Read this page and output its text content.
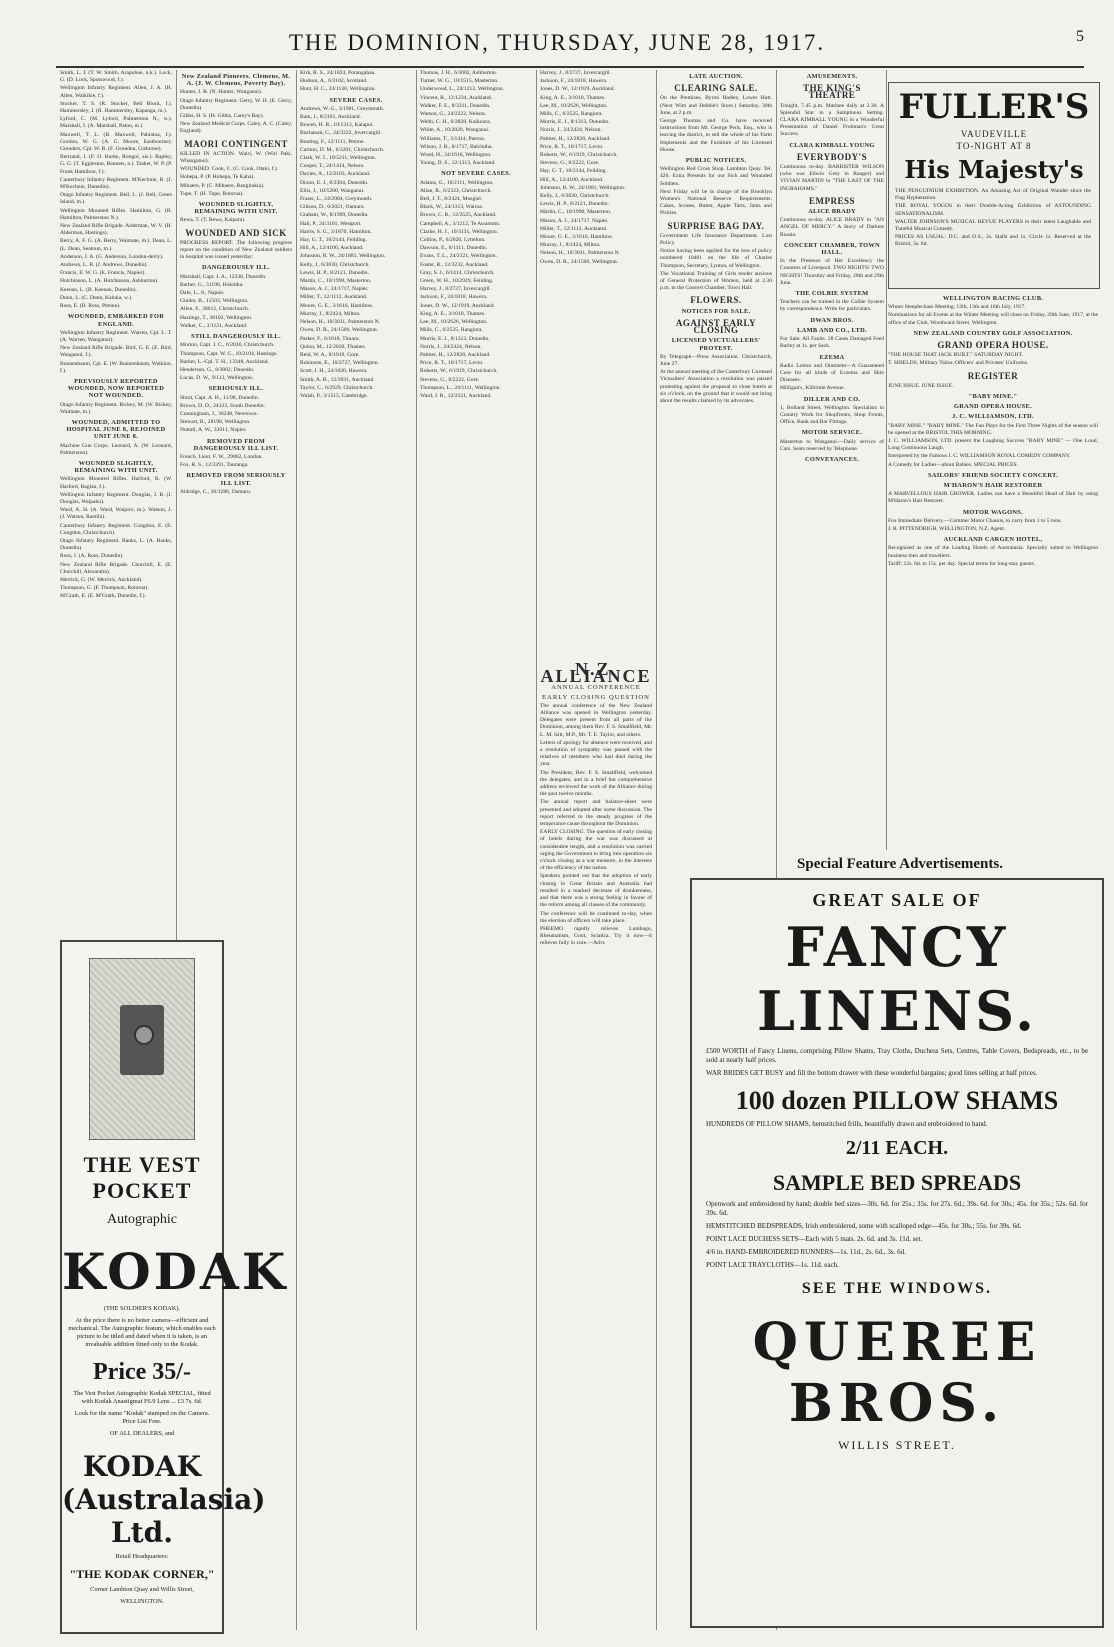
THE DOMINION, THURSDAY, JUNE 28, 1917.	5

Smith, L. J. (T. W. Smith, Arapohue, n.k.). Lock, G. (D. Lock, Spotswood, f.).

Wellington Infantry Regiment. Allen, J. A. (H. Allen, Waikikie, f.).

Stocker, T. S. (R. Stocker, Bell Block, f.). Hammersley, J. (R. Hammersley, Kapanga, m.).

Lyford, C. (M. Lyford, Palmerston N., w.). Marshall, J. (A. Marshall, Paton, m.).

Maxwell, T. L. (B. Maxwell, Pahiatua, f.). Gordon, W. G. (A. G. Moore, Eastbourne). Grenders, Cpl. W. R. (F. Ocenden, Gisborne).

Bertrand, J. (F. O. Burke, Rongoi, sis.). Rapley, G. G. (T. Eggleston, Bennets, n.). Tasker, W. P. (P. Frank Hamilton, f.).

Canterbury Infantry Regiment. M'Kechnie, R. (J. M'Kechnie, Dunedin).

Otago Infantry Regiment. Bell, L. (J. Bell, Green Island, m.).

Wellington Mounted Rifles. Hamilton, G. (R. Hamilton, Palmerston N.).

New Zealand Rifle Brigade. Alderman, W. V. (H. Alderman, Hastings).

Berry, A. F. G. (A. Berry, Waimate, m.). Dean, L. (L. Dean, Seatoun, m.).

Anderson, J. A. (G. Anderson, London-derry).

Andrews, L. B. (J. Andrews, Dunedin).

Francis, E. W. G. (E. Francis, Napier).

Hutchinson, L. (A. Hutchinson, Ashburton).

Keenan, L. (B. Keenan, Dunedin).

Dunn, L. (C. Dunn, Kaitaia, w.).

Ross, E. (R. Ross, Petone).

WOUNDED, EMBARKED FOR ENGLAND.

Wellington Infantry Regiment. Warren, Cpl. L. T. (A. Warren, Wanganui).

New Zealand Rifle Brigade. Bird, G. E. (E. Bird, Wanganui, f.).

Bunnenbaum, Cpl. E. (W. Bunnenbaum, Waikino, f.).

PREVIOUSLY REPORTED WOUNDED, NOW REPORTED NOT WOUNDED.

Otago Infantry Regiment. Rickey, M. (W. Rickey, Waimate, m.).

WOUNDED, ADMITTED TO HOSPITAL JUNE 8, REJOINED UNIT JUNE 8.

Machine Gun Corps. Leonard, A. (W. Leonard, Palmerston).

WOUNDED SLIGHTLY, REMAINING WITH UNIT.

Wellington Mounted Rifles. Harford, R. (W. Harford, Raglan, f.).

Wellington Infantry Regiment. Douglas, J. B. (J. Douglas, Waipahu).

Ward, A. H. (A. Ward, Waipiro, m.). Watson, J. (J. Watson, Raetihi).

Canterbury Infantry Regiment. Congdon, E. (E. Congdon, Christchurch).

Otago Infantry Regiment. Banks, L. (A. Banks, Dunedin).

Ross, J. (A. Ross, Dunedin).

New Zealand Rifle Brigade. Churchill, E. (E. Churchill, Alexandra).

Merrick, G. (W. Merrick, Auckland).

Thompson, G. (F. Thompson, Rotorua).

M'Grath, E. (E. M'Grath, Dunedin, f.).

New Zealand Pioneers. Clemens, M. A. (J. W. Clemens, Poverty Bay).

Hunter, J. R. (N. Hunter, Wanganui).

Otago Infantry Regiment. Gerry, W. H. (E. Gerry, Dunedin).

Gibbs, H. S. (H. Gibbs, Carey's Bay).

New Zealand Medical Corps. Caley, A. C. (Caley, England).

MAORI CONTINGENT

KILLED IN ACTION. Wairi, W. (Wiri Paki, Whanganui).

WOUNDED. Cook, C. (C. Cook, Otaki, f.).

Hohepa, P. (P. Hohepa, Te Kaha).

Mihaere, P. (C. Mihaere, Rangitukia).

Tupe, T. (H. Tupe, Rotorua).

WOUNDED SLIGHTLY, REMAINING WITH UNIT.

Rewa, T. (T. Rewa, Kaipara).

WOUNDED AND SICK

PROGRESS REPORT. The following progress report on the condition of New Zealand soldiers in hospital was issued yesterday:

DANGEROUSLY ILL.

Marshall, Capt. J. A., 12338, Dunedin.

Barber, G., 31198, Hokitika.

Dale, L., 8., Napier.

Ginder, B., 11503, Wellington.

Allen, F., 30612, Christchurch.

Hastings, T., 38102, Wellington.

Walker, C., 3/1121, Auckland.

STILL DANGEROUSLY ILL.

Morton, Capt. J. C., 6/2036, Christchurch.

Thompson, Capt. W. C., 10/2104, Hastings.

Barker, L.-Cpl. T. H., 13348, Auckland.

Henderson, G., 8/3002, Dunedin.

Lucas, D. W., 9/113, Wellington.

SERIOUSLY ILL.

Short, Capt. A. H., 11/98, Dunedin.

Brown, D. D., 24123, South Dunedin.

Cunningham, J., 30248, Newtown.

Stewart, R., 28198, Wellington.

Nuttall, A. W., 32011, Napier.

REMOVED FROM DANGEROUSLY ILL LIST.

French, Lieut. F. W., 29062, London.

Fox, R. S., 12/3391, Tauranga.

REMOVED FROM SERIOUSLY ILL LIST.

Aldridge, C., 30/1286, Oamaru.

Kirk, R. S., 24/1824, Porangahau.

Hudson, A., 6/3102, Scotland.

Hunt, H. C., 24/1130, Wellington.

SEVERE CASES.

Andrews, W. G., 3/1901, Greymouth.

Bain, J., 8/2101, Auckland.

Bowen, H. R., 10/1312, Kaiapoi.

Buchanan, C., 24/2222, Invercargill.

Bunting, F., 12/1111, Petone.

Carlton, D. M., 6/3201, Christchurch.

Clark, W. J., 10/5211, Wellington.

Cooper, T., 24/1414, Nelson.

Davies, A., 12/2103, Auckland.

Dixon, E. J., 8/2304, Dunedin.

Ellis, J., 10/5200, Wanganui.

Fraser, L., 24/2004, Greymouth.

Gibson, D., 6/2021, Oamaru.

Graham, W., 8/1999, Dunedin.

Hall, P., 24/3101, Westport.

Harris, S. G., 3/1870, Hamilton.

Hay, G. T., 10/2144, Feilding.

Hill, A., 12/4100, Auckland.

Johnston, R. W., 24/1881, Wellington.

Kelly, J., 6/3030, Christchurch.

Lewis, H. P., 8/2121, Dunedin.

Martin, C., 10/1990, Masterton.

Mason, A. J., 24/1717, Napier.

Miller, T., 12/1112, Auckland.

Moore, G. E., 3/1616, Hamilton.

Murray, J., 8/2424, Milton.

Nelson, H., 10/3031, Palmerston N.

Owen, D. R., 24/1500, Wellington.

Parker, F., 6/1818, Timaru.

Quinn, M., 12/2020, Thames.

Reid, W. A., 8/1919, Gore.

Robinson, E., 10/2727, Wellington.

Scott, J. H., 24/1020, Hawera.

Smith, A. B., 12/3031, Auckland.

Taylor, C., 6/2929, Christchurch.

Walsh, P., 3/1515, Cambridge.

Thomas, J. H., 6/3002, Ashburton.

Turner, W. G., 10/1515, Masterton.

Underwood, L., 24/1212, Wellington.

Vincent, R., 12/1234, Auckland.

Walker, F. E., 8/3311, Dunedin.

Watson, G., 24/2222, Nelson.

Webb, C. H., 6/2828, Kaikoura.

White, A., 10/2020, Wanganui.

Williams, T., 3/1414, Paeroa.

Wilson, J. R., 8/1717, Balclutha.

Wood, H., 24/1616, Wellington.

Young, D. S., 12/1313, Auckland.

NOT SEVERE CASES.

Adams, G., 10/2111, Wellington.

Allan, R., 6/2323, Christchurch.

Bell, J. T., 8/2424, Mosgiel.

Black, W., 24/1313, Wairoa.

Brown, C. R., 12/2525, Auckland.

Campbell, A., 3/1212, Te Awamutu.

Clarke, H. J., 10/3131, Wellington.

Collins, P., 6/2020, Lyttelton.

Dawson, E., 8/1111, Dunedin.

Evans, T. L., 24/2121, Wellington.

Foster, R., 12/3232, Auckland.

Gray, S. J., 6/1414, Christchurch.

Green, W. H., 10/2929, Feilding.

Harvey, J., 8/2727, Invercargill.

Jackson, F., 24/1818, Hawera.

Jones, D. W., 12/1919, Auckland.

King, A. E., 3/1010, Thames.

Lee, M., 10/2626, Wellington.

Mills, C., 6/2525, Rangiora.

Morris, E. J., 8/1313, Dunedin.

Norris, J., 24/2424, Nelson.

Palmer, H., 12/2828, Auckland.

Price, R. T., 10/1717, Levin.

Roberts, W., 6/1919, Christchurch.

Stevens, G., 8/2222, Gore.

Thompson, L., 24/1111, Wellington.

Ward, J. R., 12/2121, Auckland.

N.Z. ALLIANCE
ANNUAL CONFERENCE
EARLY CLOSING QUESTION

The annual conference of the New Zealand Alliance was opened in Wellington yesterday. Delegates were present from all parts of the Dominion, among them Rev. F. S. Smallfield, Mr. L. M. Isitt, M.P., Mr. T. E. Taylor, and others.

Letters of apology for absence were received, and a resolution of sympathy was passed with the relatives of members who had died during the year.

The President, Rev. F. S. Smallfield, welcomed the delegates, and in a brief but comprehensive address reviewed the work of the Alliance during the past twelve months.

The annual report and balance-sheet were presented and adopted after some discussion. The report referred to the steady progress of the temperance cause throughout the Dominion.

EARLY CLOSING. The question of early closing of hotels during the war was discussed at considerable length, and a resolution was carried urging the Government to bring into operation six o'clock closing as a war measure, in the interests of the efficiency of the nation.

Speakers pointed out that the adoption of early closing in Great Britain and Australia had resulted in a marked decrease of drunkenness, and that there was a strong feeling in favour of the reform among all classes of the community.

The conference will be continued to-day, when the election of officers will take place.

PHEEMO rapidly relieves Lumbago, Rheumatism, Gout, Sciatica. Try it now—it relieves fully in cure.—Advt.

Harvey, J., 8/2727, Invercargill.

Jackson, F., 24/1818, Hawera.

Jones, D. W., 12/1919, Auckland.

King, A. E., 3/1010, Thames.

Lee, M., 10/2626, Wellington.

Mills, C., 6/2525, Rangiora.

Morris, E. J., 8/1313, Dunedin.

Norris, J., 24/2424, Nelson.

Palmer, H., 12/2828, Auckland.

Price, R. T., 10/1717, Levin.

Roberts, W., 6/1919, Christchurch.

Stevens, G., 8/2222, Gore.

Hay, G. T., 10/2144, Feilding.

Hill, A., 12/4100, Auckland.

Johnston, R. W., 24/1881, Wellington.

Kelly, J., 6/3030, Christchurch.

Lewis, H. P., 8/2121, Dunedin.

Martin, C., 10/1990, Masterton.

Mason, A. J., 24/1717, Napier.

Miller, T., 12/1112, Auckland.

Moore, G. E., 3/1616, Hamilton.

Murray, J., 8/2424, Milton.

Nelson, H., 10/3031, Palmerston N.

Owen, D. R., 24/1500, Wellington.

THE VEST POCKET
Autographic
KODAK
(THE SOLDIER'S KODAK).
At the price there is no better camera—efficient and mechanical. The Autographic feature, which enables each picture to be titled and dated when it is taken, is an invaluable addition fitted only to the Kodak.
Price 35/-
The Vest Pocket Autographic Kodak SPECIAL, fitted with Kodak Anastigmat F6.9 Lens ... £3 7s. 6d.
Look for the name "Kodak" stamped on the Camera. Price List Free.
OF ALL DEALERS, and
KODAK (Australasia) Ltd.
Retail Headquarters:
"THE KODAK CORNER,"
Corner Lambton Quay and Willis Street,
WELLINGTON.
LATE AUCTION.
CLEARING SALE.

On the Premises, Byron Hadley, Lower Hutt. (Next Wim and Debbie's Store.) Saturday, 30th June, at 2 p.m.

George Thomas and Co. have received instructions from Mr. George Peck, Esq., who is leaving the district, to sell the whole of his Farm Implements and the Furniture of his Licensed House.

PUBLIC NOTICES.

Wellington Red Cross Shop. Lambton Quay. Tel. 426. Extra Presents for our Sick and Wounded Soldiers.

Next Friday will be in charge of the Brooklyn Women's National Reserve. Requirements: Cakes, Scones, Butter, Apple Tarts, Jams and Pickles.

SURPRISE BAG DAY.

Government Life Insurance Department. Lost Policy.

Notice having been applied for the loss of policy numbered 10401 on the life of Charles Thompson, Secretary, Lynton, of Wellington.

The Vocational Training of Girls tender anxious of General Protection of Women, held at 2.30 p.m. in the Concert Chamber, Town Hall.

FLOWERS.
NOTICES FOR SALE.
AGAINST EARLY CLOSING
LICENSED VICTUALLERS' PROTEST.

By Telegraph—Press Association. Christchurch, June 27.

At the annual meeting of the Canterbury Licensed Victuallers' Association a resolution was passed protesting against the proposal to close hotels at six o'clock, on the ground that it would not bring about the results claimed by its advocates.

AMUSEMENTS.
THE KING'S THEATRE

Tonight, 7.45 p.m. Matinee daily at 2.30. A Splendid Star in a Sumptuous Setting. CLARA KIMBALL YOUNG in a Wonderful Presentation of Daniel Frohman's Great Success.

CLARA KIMBALL YOUNG
EVERYBODY'S

Continuous to-day. BARRISTER WILSON (who was Edwin Grey in Ranger) and VIVIAN MARTIN in "THE LAST OF THE INGRAHAMS."

EMPRESS
ALICE BRADY

Continuous to-day. ALICE BRADY in "AN ANGEL OF MERCY." A Story of Darkest Russia.

CONCERT CHAMBER, TOWN HALL.

In the Presence of Her Excellency the Countess of Liverpool. TWO NIGHTS! TWO NIGHTS! Thursday and Friday, 28th and 29th June.

THE COLBIE SYSTEM

Teachers can be trained in the Colbie System by correspondence. Write for particulars.

DWAN BROS.
LAMB AND CO., LTD.

For Sale: All Faults. 28 Cases Damaged Feed Barley at 1s. per Sack.

EZEMA

Radio Lotion and Ointment—A Guaranteed Cure for all kinds of Eczema and Skin Diseases.

Milligan's, Kilbirnie Avenue.

DILLER AND CO.

1, Bolland Street, Wellington. Specialists in Country Work for Shopfronts, Shop Fronts, Office, Bank and Bar Fittings.

MOTOR SERVICE.

Masterton to Wanganui.—Daily service of Cars. Seats reserved by Telephone.

CONVEYANCES.
FULLER'S
VAUDEVILLE
TO-NIGHT AT 8
His Majesty's

THE PENGUINIUM EXHIBITION. An Amazing Act of Original Wonder since the Flag Hyphenation.

THE ROYAL YOGOS in their Double-Acting Exhibition of ASTOUNDING SENSATIONALISM.

WALTER JOHNSON'S MUSICAL REVUE PLAYERS in their latest Laughable and Tuneful Musical Comedy.

PRICES AS USUAL: D.C. and O.S., 2s. Stalls and 1s. Circle 1s. Reserved at the Bristol, 3s. 6d.

WELLINGTON RACING CLUB.

Winter Steeplechase Meeting, 12th, 13th and 16th July, 1917.

Nominations for all Events at the Winter Meeting will close on Friday, 29th June, 1917, at the office of the Club, Woodward Street, Wellington.

NEW ZEALAND COUNTRY GOLF ASSOCIATION.
GRAND OPERA HOUSE.

"THE HOUSE THAT JACK BUILT." SATURDAY NIGHT.

T. SHIELDS, Military Tailor. Officers' and Privates' Uniforms.

REGISTER

JUNE ISSUE. JUNE ISSUE.

"BABY MINE."
GRAND OPERA HOUSE.
J. C. WILLIAMSON, LTD.

"BABY MINE." "BABY MINE." The Fun Plays for the First Three Nights of the season will be opened at the BRISTOL THIS MORNING.

J. C. WILLIAMSON, LTD. present the Laughing Success "BABY MINE" — One Loud, Long Continuous Laugh.

Interpreted by the Famous J. C. WILLIAMSON ROYAL COMEDY COMPANY.

A Comedy for Ladies—about Babies. SPECIAL PRICES.

SAILORS' FRIEND SOCIETY CONCERT.
M'HARON'S HAIR RESTORER

A MARVELLOUS HAIR GROWER. Ladies can have a Beautiful Head of Hair by using M'Haron's Hair Restorer.

MOTOR WAGONS.

Fox Immediate Delivery.—Commer Motor Chassis, to carry from 1 to 5 tons.

J. R. PITTENDRIGH, WELLINGTON, N.Z. Agent.

AUCKLAND CARGEN HOTEL,

Recognised as one of the Leading Hotels of Australasia. Specially suited to Wellington business men and travellers.

Tariff: 12s. 6d. to 15s. per day. Special terms for long-stay guests.

Special Feature Advertisements.
GREAT SALE OF
FANCY LINENS.
£500 WORTH of Fancy Linens, comprising Pillow Shams, Tray Cloths, Duchess Sets, Centres, Table Covers, Bedspreads, etc., to be sold at nearly half prices.
WAR BRIDES GET BUSY and fill the bottom drawer with these wonderful bargains; good lines selling at half prices.
100 dozen PILLOW SHAMS
HUNDREDS OF PILLOW SHAMS, hemstitched frills, beautifully drawn and embroidered to hand.
2/11 EACH.
SAMPLE BED SPREADS
Openwork and embroidered by hand; double bed sizes—30s. 6d. for 25s.; 35s. for 27s. 6d.; 39s. 6d. for 30s.; 45s. for 35s.; 52s. 6d. for 39s. 6d.
HEMSTITCHED BEDSPREADS, Irish embroidered, some with scalloped edge—45s. for 30s.; 55s. for 39s. 6d.
POINT LACE DUCHESS SETS—Each with 5 mats. 2s. 6d. and 3s. 11d. set.
4/6 in. HAND-EMBROIDERED RUNNERS—1s. 11d., 2s. 6d., 3s. 6d.
POINT LACE TRAYCLOTHS—1s. 11d. each.
SEE THE WINDOWS.
QUEREE BROS.
WILLIS STREET.
